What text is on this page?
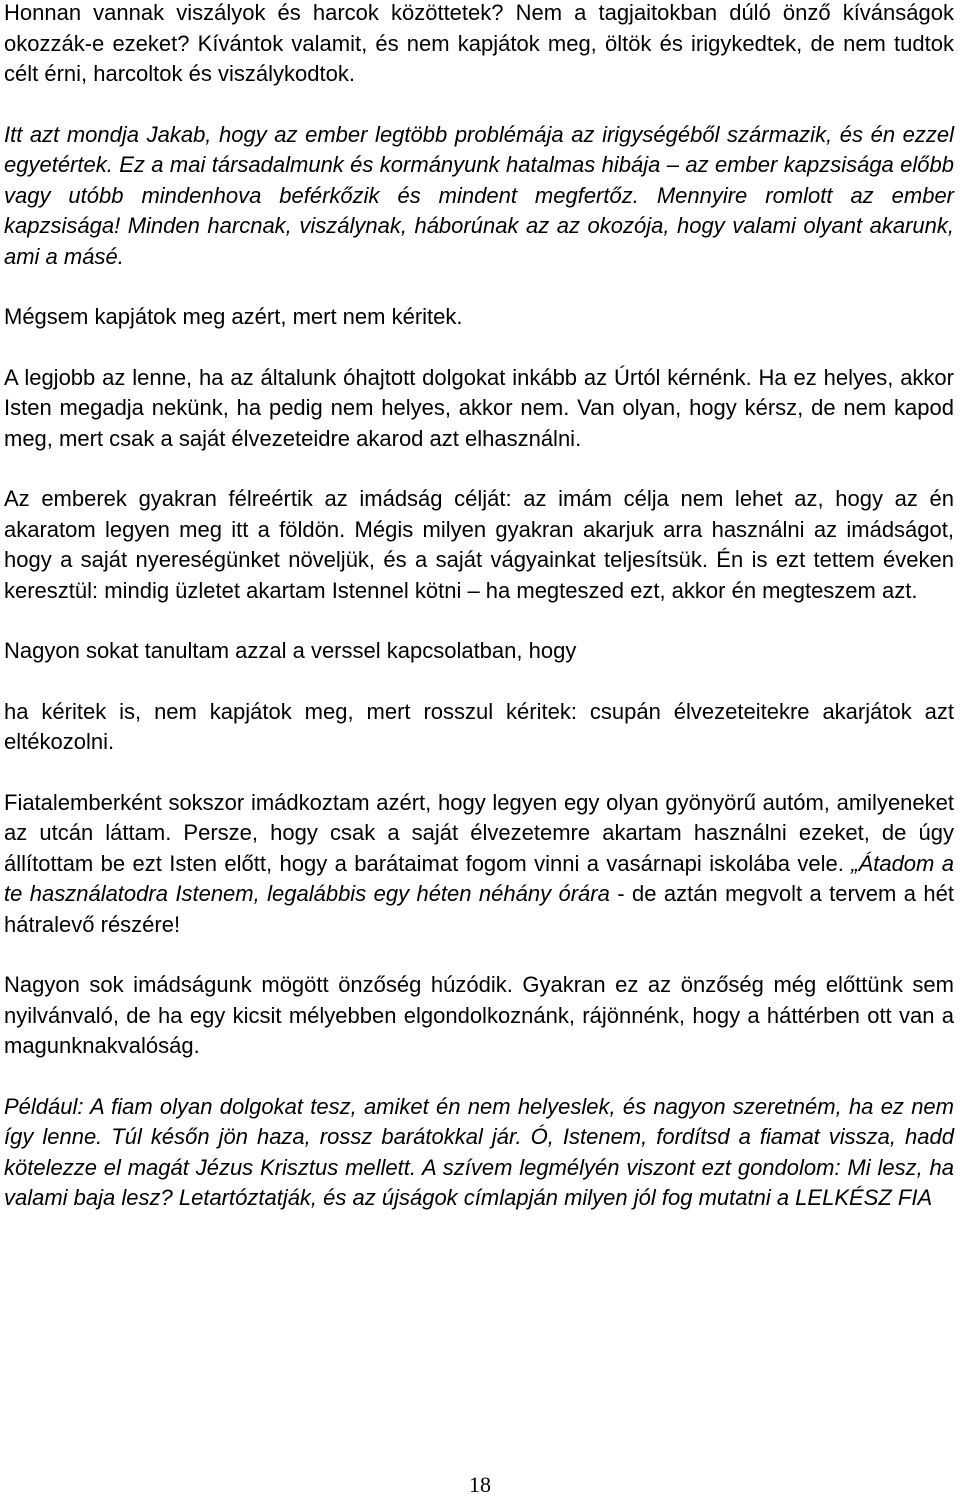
Honnan vannak viszályok és harcok közöttetek? Nem a tagjaitokban dúló önző kívánságok okozzák-e ezeket? Kívántok valamit, és nem kapjátok meg, öltök és irigykedtek, de nem tudtok célt érni, harcoltok és viszálykodtok.

Itt azt mondja Jakab, hogy az ember legtöbb problémája az irigységéből származik, és én ezzel egyetértek. Ez a mai társadalmunk és kormányunk hatalmas hibája – az ember kapzsisága előbb vagy utóbb mindenhova beférkőzik és mindent megfertőz. Mennyire romlott az ember kapzsisága! Minden harcnak, viszálynak, háborúnak az az okozója, hogy valami olyant akarunk, ami a másé.

Mégsem kapjátok meg azért, mert nem kéritek.

A legjobb az lenne, ha az általunk óhajtott dolgokat inkább az Úrtól kérnénk. Ha ez helyes, akkor Isten megadja nekünk, ha pedig nem helyes, akkor nem. Van olyan, hogy kérsz, de nem kapod meg, mert csak a saját élvezeteidre akarod azt elhasználni.

Az emberek gyakran félreértik az imádság célját: az imám célja nem lehet az, hogy az én akaratom legyen meg itt a földön. Mégis milyen gyakran akarjuk arra használni az imádságot, hogy a saját nyereségünket növeljük, és a saját vágyainkat teljesítsük. Én is ezt tettem éveken keresztül: mindig üzletet akartam Istennel kötni – ha megteszed ezt, akkor én megteszem azt.

Nagyon sokat tanultam azzal a verssel kapcsolatban, hogy

ha kéritek is, nem kapjátok meg, mert rosszul kéritek: csupán élvezeteitekre akarjátok azt eltékozolni.

Fiatalemberként sokszor imádkoztam azért, hogy legyen egy olyan gyönyörű autóm, amilyeneket az utcán láttam. Persze, hogy csak a saját élvezetemre akartam használni ezeket, de úgy állítottam be ezt Isten előtt, hogy a barátaimat fogom vinni a vasárnapi iskolába vele. „Átadom a te használatodra Istenem, legalábbis egy héten néhány órára - de aztán megvolt a tervem a hét hátralevő részére!

Nagyon sok imádságunk mögött önzőség húzódik. Gyakran ez az önzőség még előttünk sem nyilvánvaló, de ha egy kicsit mélyebben elgondolkoznánk, rájönnénk, hogy a háttérben ott van a magunknakvalóság.

Például: A fiam olyan dolgokat tesz, amiket én nem helyeslek, és nagyon szeretném, ha ez nem így lenne. Túl későn jön haza, rossz barátokkal jár. Ó, Istenem, fordítsd a fiamat vissza, hadd kötelezze el magát Jézus Krisztus mellett. A szívem legmélyén viszont ezt gondolom: Mi lesz, ha valami baja lesz? Letartóztatják, és az újságok címlapján milyen jól fog mutatni a LELKÉSZ FIA

18
